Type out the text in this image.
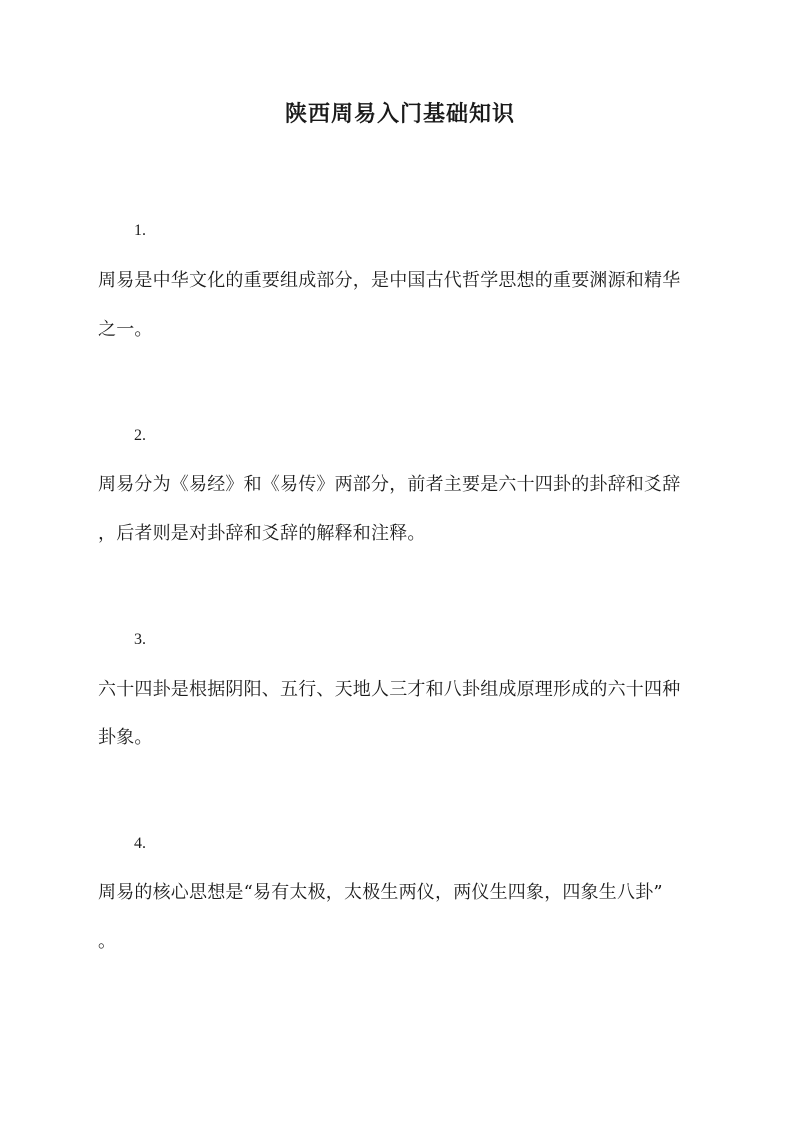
陕西周易入门基础知识
1.
周易是中华文化的重要组成部分，是中国古代哲学思想的重要渊源和精华
之一。
2.
周易分为《易经》和《易传》两部分，前者主要是六十四卦的卦辞和爻辞
，后者则是对卦辞和爻辞的解释和注释。
3.
六十四卦是根据阴阳、五行、天地人三才和八卦组成原理形成的六十四种
卦象。
4.
周易的核心思想是“易有太极，太极生两仪，两仪生四象，四象生八卦”
。
